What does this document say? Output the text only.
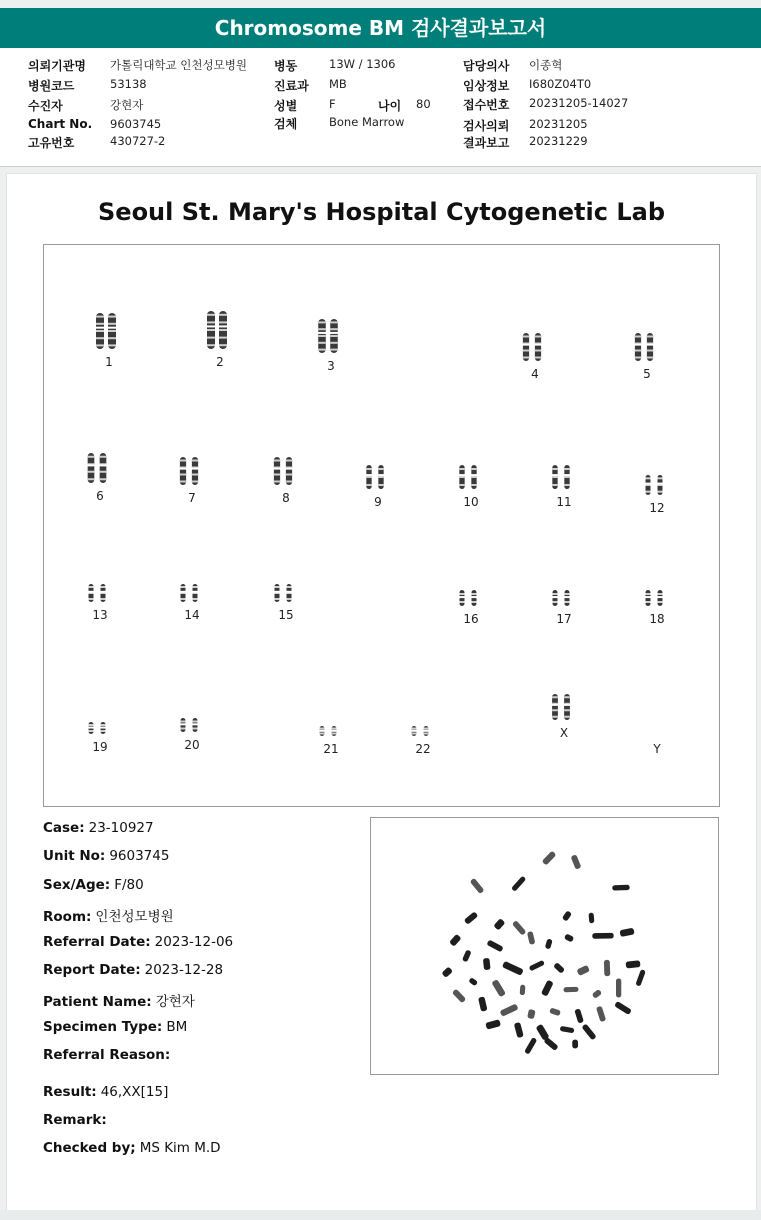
Chromosome BM 검사결과보고서
의뢰기관명 가톨릭대학교 인천성모병원
병원코드	53138
수진자	강현자
Chart No. 9603745
고유번호	430727-2
병동	13W / 1306
진료과 MB
성별	F	나이 80
검체	Bone Marrow
담당의사 이종혁
임상정보 I680Z04T0
접수번호 20231205-14027
검사의뢰 20231205
결과보고 20231229
Seoul St. Mary's Hospital Cytogenetic Lab
1	2	3
4	5
6	7	8	9	10	11	12
13	14	15	16	17	18
19	20	21	22
X
Y
Case: 23-10927
Unit No: 9603745
Sex/Age: F/80
Room: 인천성모병원
Referral Date: 2023-12-06
Report Date: 2023-12-28
Patient Name: 강현자
Specimen Type: BM
Referral Reason:
Result: 46,XX[15]
Remark:
Checked by; MS Kim M.D
